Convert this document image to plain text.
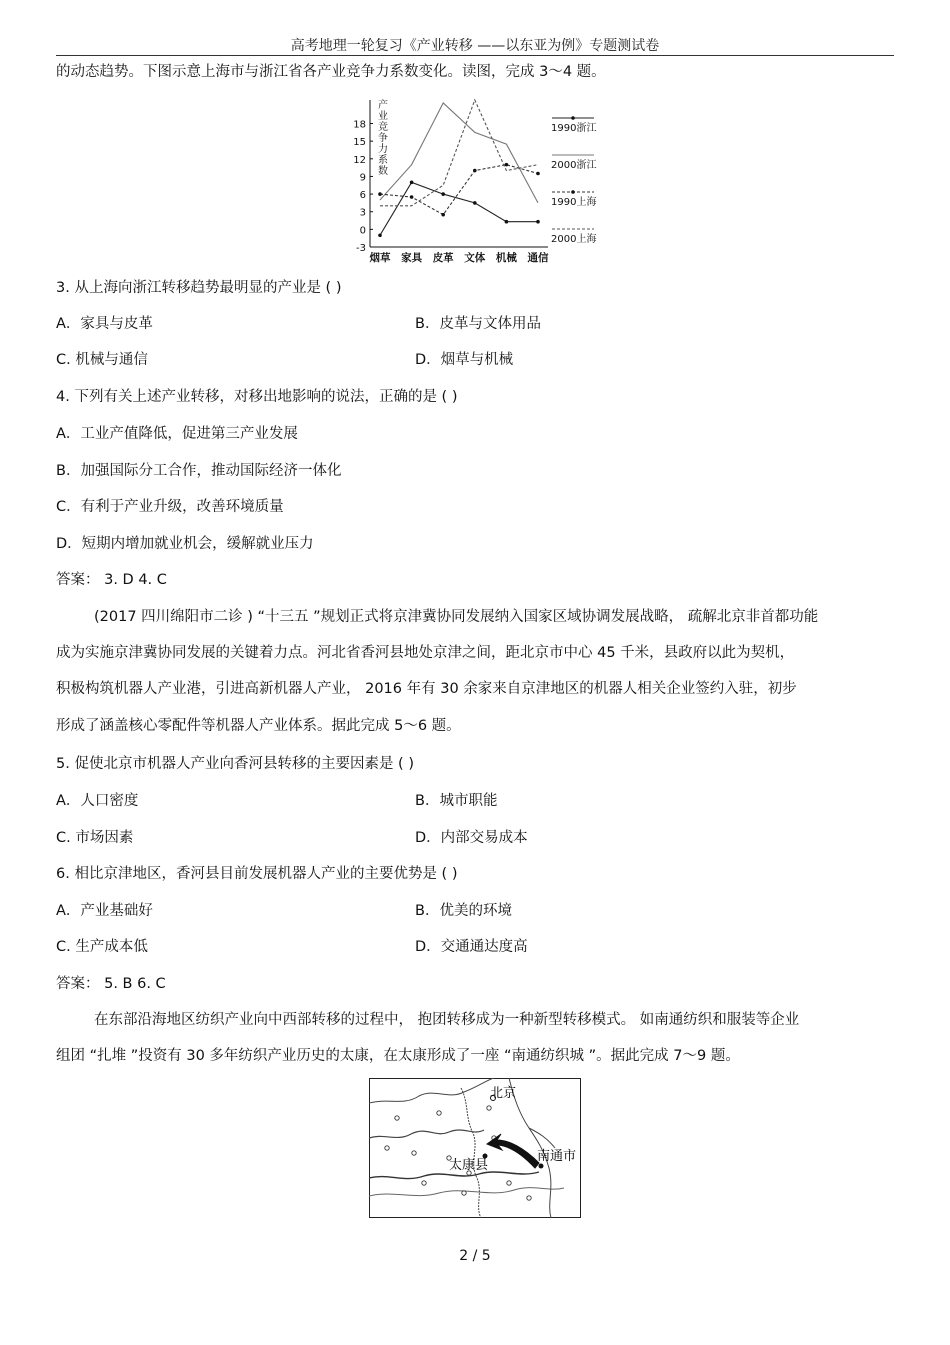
高考地理一轮复习《产业转移 ——以东亚为例》专题测试卷
的动态趋势。下图示意上海市与浙江省各产业竞争力系数变化。读图，完成 3～4 题。
18
15
12
9
6
3
0
-3
烟草 家具 皮革 文体 机械 通信
1990浙江
2000浙江
1990上海
2000上海
产
业
竞
争
力
系
数
3. 从上海向浙江转移趋势最明显的产业是 ( )
A．家具与皮革	B．皮革与文体用品
C. 机械与通信	D．烟草与机械
4. 下列有关上述产业转移，对移出地影响的说法，正确的是 ( )
A．工业产值降低，促进第三产业发展
B．加强国际分工合作，推动国际经济一体化
C．有利于产业升级，改善环境质量
D．短期内增加就业机会，缓解就业压力
答案： 3. D 4. C
(2017 四川绵阳市二诊 ) “十三五 ”规划正式将京津冀协同发展纳入国家区域协调发展战略， 疏解北京非首都功能
成为实施京津冀协同发展的关键着力点。河北省香河县地处京津之间，距北京市中心 45 千米，县政府以此为契机，
积极构筑机器人产业港，引进高新机器人产业， 2016 年有 30 余家来自京津地区的机器人相关企业签约入驻，初步
形成了涵盖核心零配件等机器人产业体系。据此完成 5～6 题。
5. 促使北京市机器人产业向香河县转移的主要因素是 ( )
A．人口密度	B．城市职能
C. 市场因素	D．内部交易成本
6. 相比京津地区，香河县目前发展机器人产业的主要优势是 ( )
A．产业基础好	B．优美的环境
C. 生产成本低	D．交通通达度高
答案： 5. B 6. C
在东部沿海地区纺织产业向中西部转移的过程中， 抱团转移成为一种新型转移模式。 如南通纺织和服装等企业
组团 “扎堆 ”投资有 30 多年纺织产业历史的太康，在太康形成了一座 “南通纺织城 ”。据此完成 7～9 题。
北京
太康县
南通市
2 / 5
